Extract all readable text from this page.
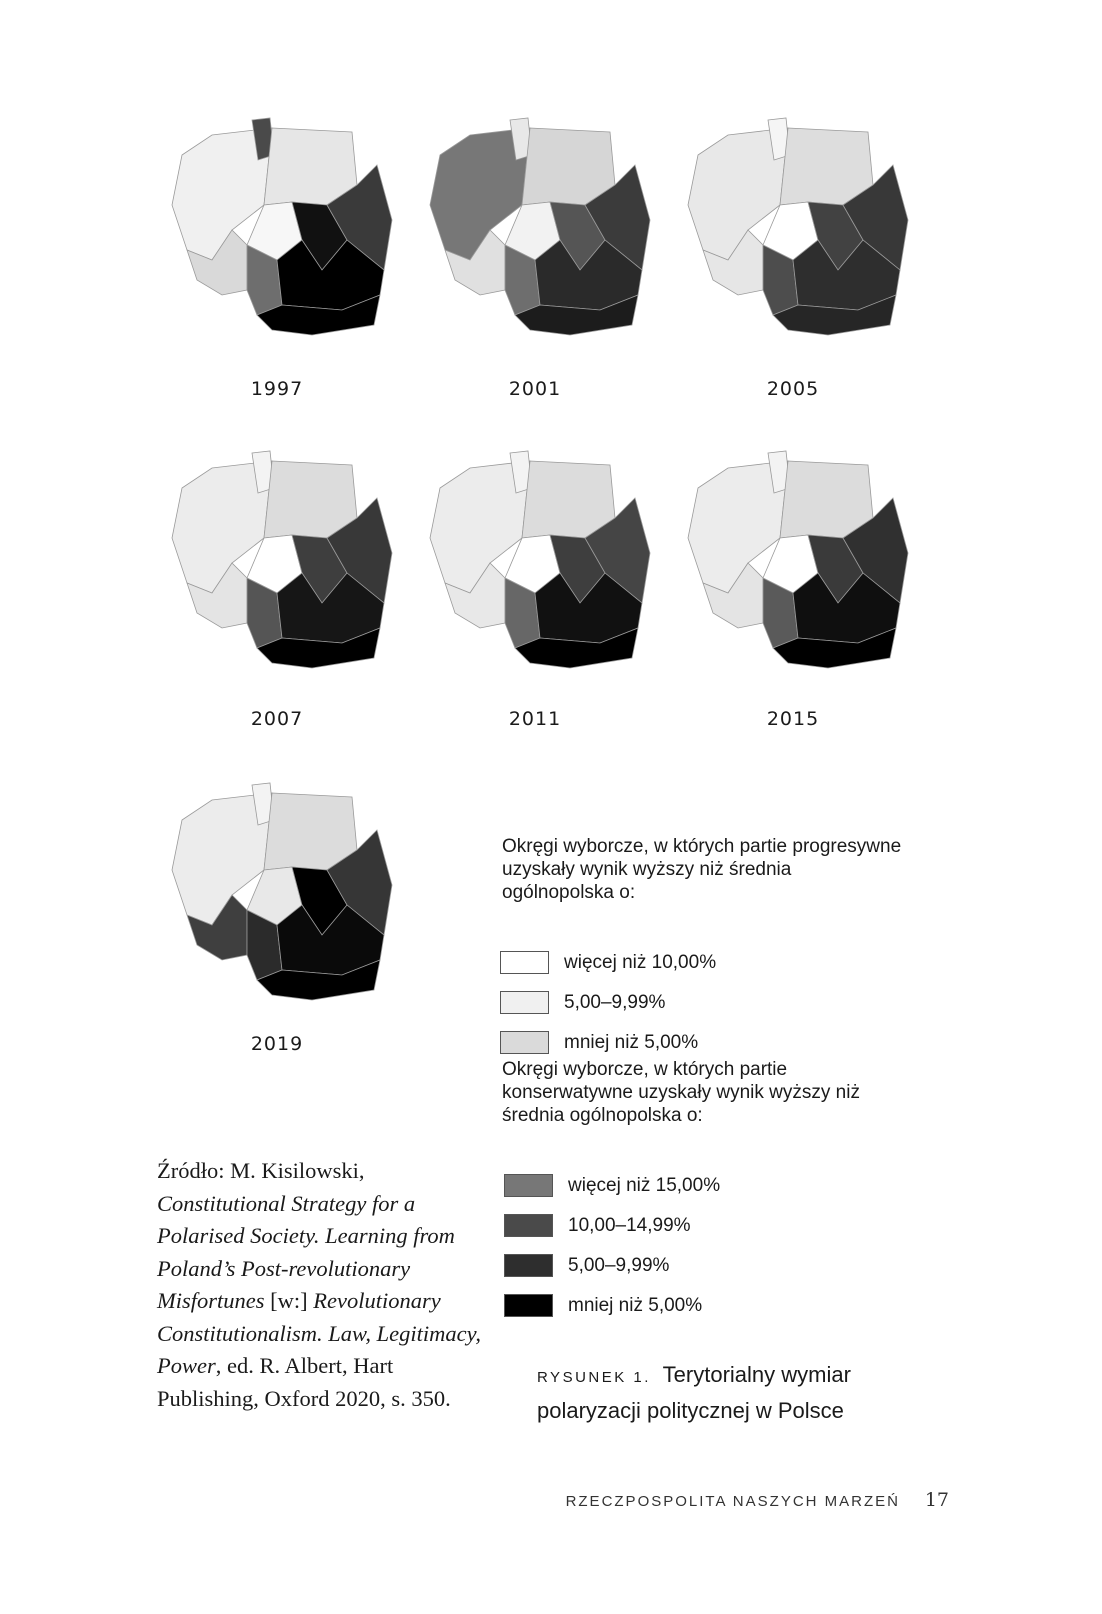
1997	2001	2005
2007	2011	2015
2019
Okręgi wyborcze, w których partie progresywne uzyskały wynik wyższy niż średnia ogólnopolska o:
więcej niż 10,00%
5,00–9,99%
mniej niż 5,00%
Okręgi wyborcze, w których partie konserwatywne uzyskały wynik wyższy niż średnia ogólnopolska o:
więcej niż 15,00%
10,00–14,99%
5,00–9,99%
mniej niż 5,00%
Źródło: M. Kisilowski, Constitutional Strategy for a Polarised Society. Learning from Poland’s Post-revolutionary Misfortunes [w:] Revolutionary Constitutionalism. Law, Legitimacy, Power, ed. R. Albert, Hart Publishing, Oxford 2020, s. 350.
RYSUNEK 1. Terytorialny wymiar polaryzacji politycznej w Polsce
RZECZPOSPOLITA NASZYCH MARZEŃ 17
